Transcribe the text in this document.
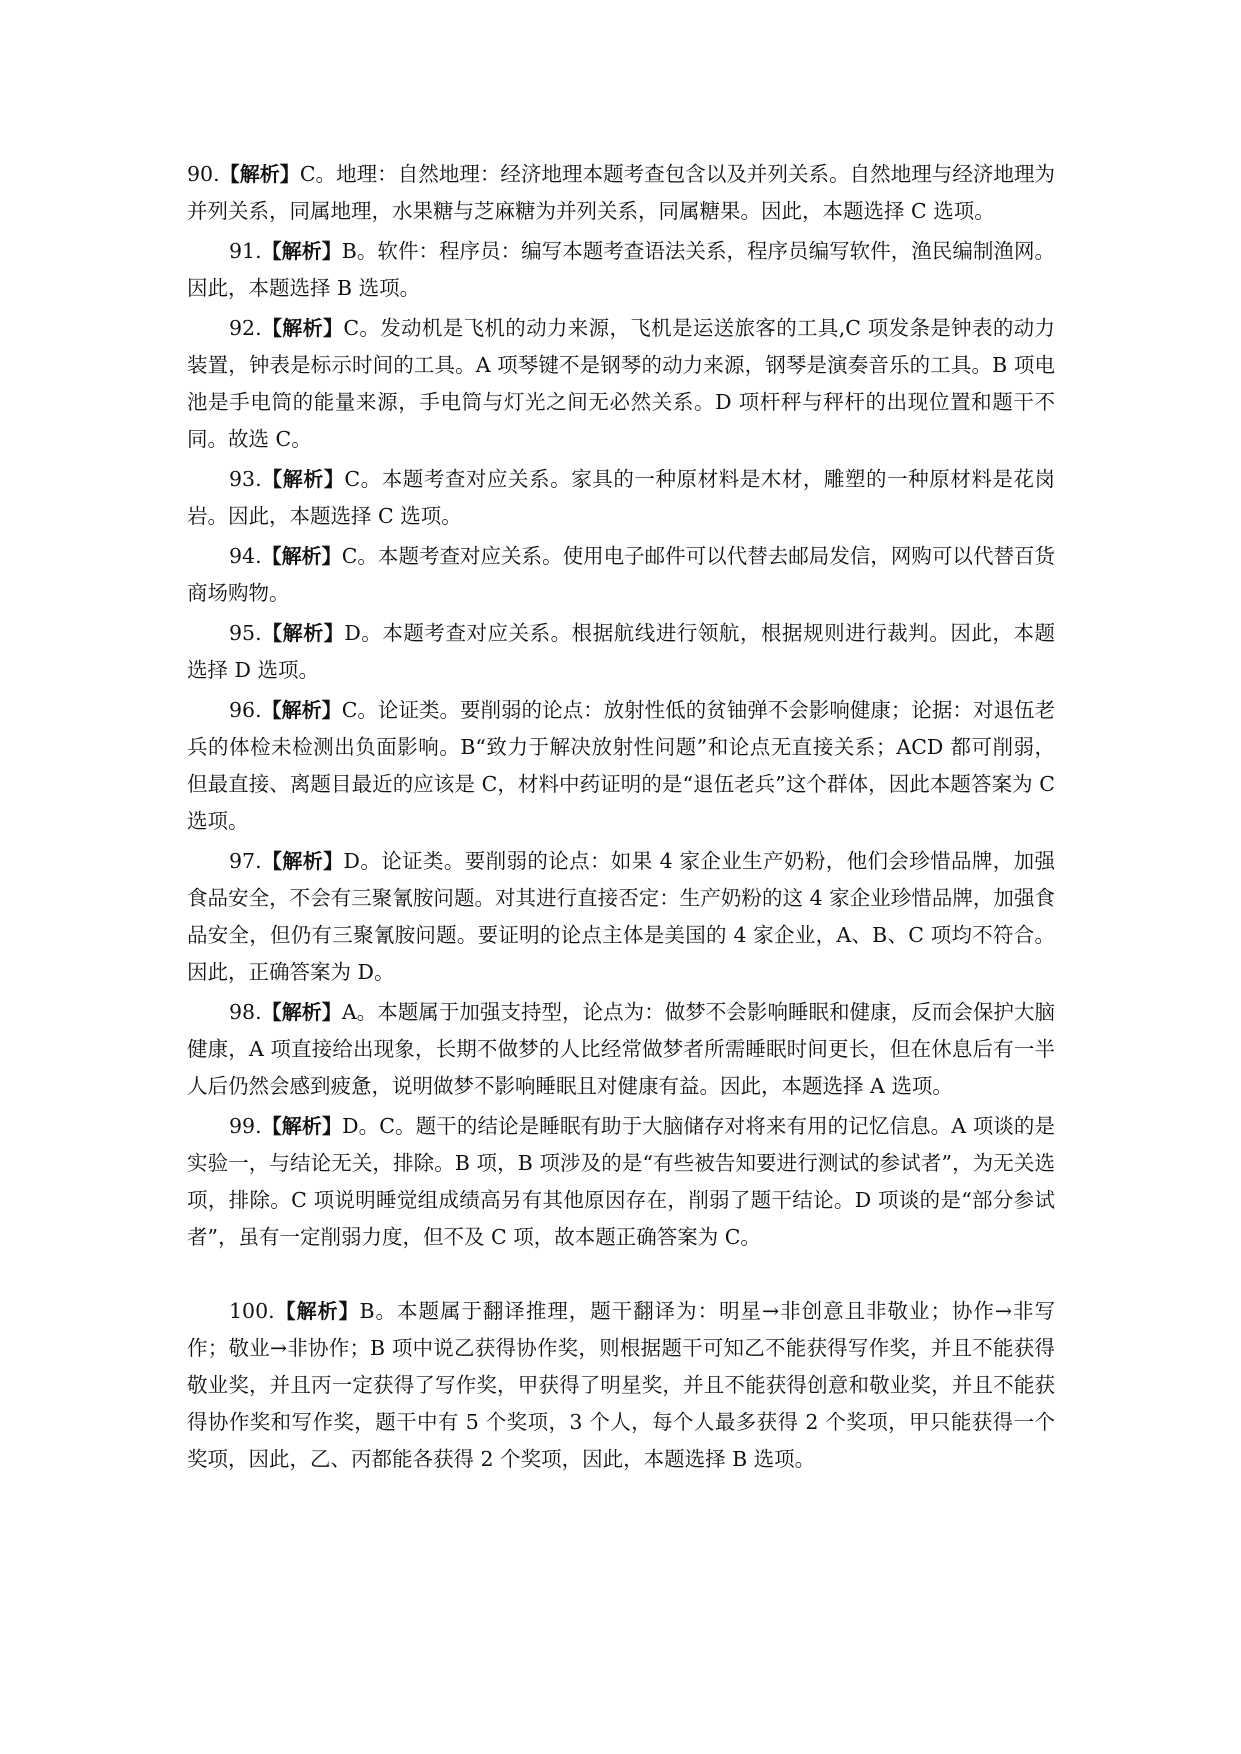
90.【解析】C。地理：自然地理：经济地理本题考查包含以及并列关系。自然地理与经济地理为并列关系，同属地理，水果糖与芝麻糖为并列关系，同属糖果。因此，本题选择 C 选项。

91.【解析】B。软件：程序员：编写本题考查语法关系，程序员编写软件，渔民编制渔网。因此，本题选择 B 选项。

92.【解析】C。发动机是飞机的动力来源，飞机是运送旅客的工具,C 项发条是钟表的动力装置，钟表是标示时间的工具。A 项琴键不是钢琴的动力来源，钢琴是演奏音乐的工具。B 项电池是手电筒的能量来源，手电筒与灯光之间无必然关系。D 项杆秤与秤杆的出现位置和题干不同。故选 C。

93.【解析】C。本题考查对应关系。家具的一种原材料是木材，雕塑的一种原材料是花岗岩。因此，本题选择 C 选项。

94.【解析】C。本题考查对应关系。使用电子邮件可以代替去邮局发信，网购可以代替百货商场购物。

95.【解析】D。本题考查对应关系。根据航线进行领航，根据规则进行裁判。因此，本题选择 D 选项。

96.【解析】C。论证类。要削弱的论点：放射性低的贫铀弹不会影响健康；论据：对退伍老兵的体检未检测出负面影响。B“致力于解决放射性问题”和论点无直接关系；ACD 都可削弱，但最直接、离题目最近的应该是 C，材料中药证明的是“退伍老兵”这个群体，因此本题答案为 C 选项。

97.【解析】D。论证类。要削弱的论点：如果 4 家企业生产奶粉，他们会珍惜品牌，加强食品安全，不会有三聚氰胺问题。对其进行直接否定：生产奶粉的这 4 家企业珍惜品牌，加强食品安全，但仍有三聚氰胺问题。要证明的论点主体是美国的 4 家企业，A、B、C 项均不符合。因此，正确答案为 D。

98.【解析】A。本题属于加强支持型，论点为：做梦不会影响睡眠和健康，反而会保护大脑健康，A 项直接给出现象，长期不做梦的人比经常做梦者所需睡眠时间更长，但在休息后有一半人后仍然会感到疲惫，说明做梦不影响睡眠且对健康有益。因此，本题选择 A 选项。

99.【解析】D。C。题干的结论是睡眠有助于大脑储存对将来有用的记忆信息。A 项谈的是实验一，与结论无关，排除。B 项，B 项涉及的是“有些被告知要进行测试的参试者”，为无关选项，排除。C 项说明睡觉组成绩高另有其他原因存在，削弱了题干结论。D 项谈的是“部分参试者”，虽有一定削弱力度，但不及 C 项，故本题正确答案为 C。

100.【解析】B。本题属于翻译推理，题干翻译为：明星→非创意且非敬业；协作→非写作；敬业→非协作；B 项中说乙获得协作奖，则根据题干可知乙不能获得写作奖，并且不能获得敬业奖，并且丙一定获得了写作奖，甲获得了明星奖，并且不能获得创意和敬业奖，并且不能获得协作奖和写作奖，题干中有 5 个奖项，3 个人，每个人最多获得 2 个奖项，甲只能获得一个奖项，因此，乙、丙都能各获得 2 个奖项，因此，本题选择 B 选项。
